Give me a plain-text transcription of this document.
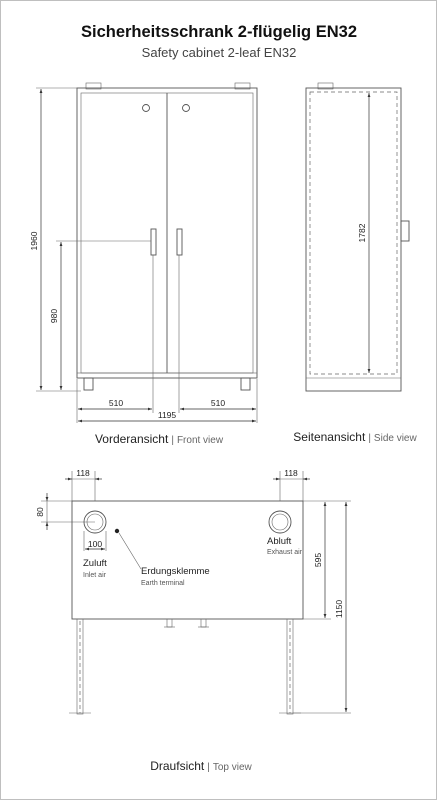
Sicherheitsschrank 2-flügelig EN32
Safety cabinet 2-leaf EN32
1960
980
510	510
1195
Vorderansicht | Front view
1782
Seitenansicht | Side view
118	118
80
100
Zuluft
Inlet air
Abluft
Exhaust air
Erdungsklemme
Earth terminal
595
1150
Draufsicht | Top view
